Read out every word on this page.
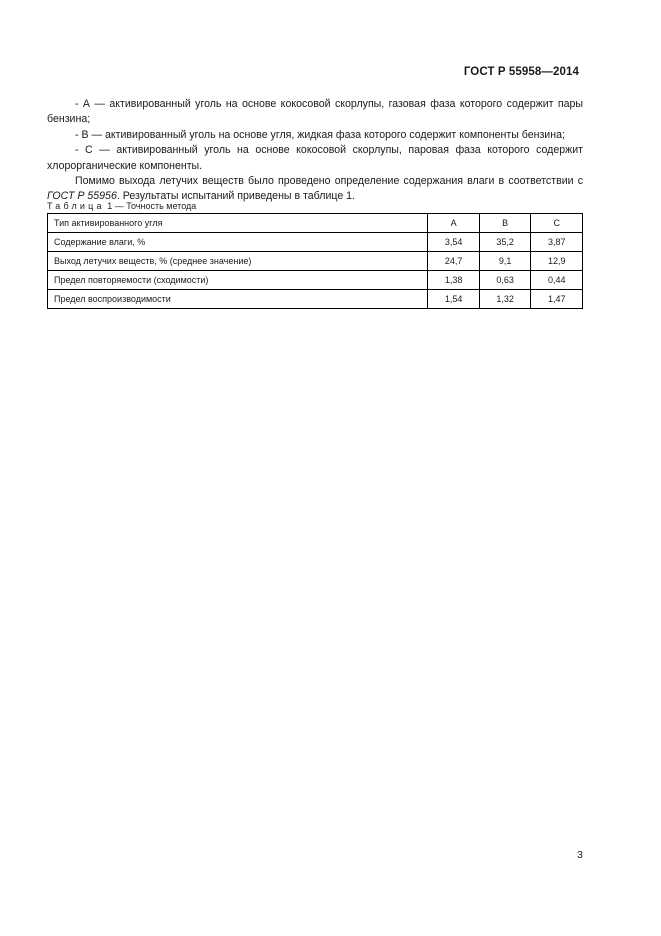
ГОСТ Р 55958—2014

- А — активированный уголь на основе кокосовой скорлупы, газовая фаза которого содержит пары бензина;

- В — активированный уголь на основе угля, жидкая фаза которого содержит компоненты бензина;

- С — активированный уголь на основе кокосовой скорлупы, паровая фаза которого содержит хлорорганические компоненты.

Помимо выхода летучих веществ было проведено определение содержания влаги в соответствии с ГОСТ Р 55956. Результаты испытаний приведены в таблице 1.

Таблица 1 — Точность метода
Тип активированного угля	А	В	С
Содержание влаги, %	3,54	35,2	3,87
Выход летучих веществ, % (среднее значение)	24,7	9,1	12,9
Предел повторяемости (сходимости)	1,38	0,63	0,44
Предел воспроизводимости	1,54	1,32	1,47
3
